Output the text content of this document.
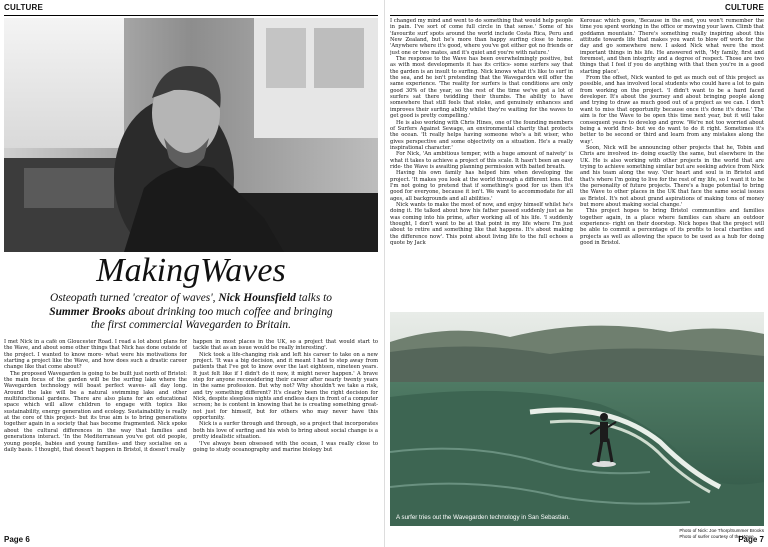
CULTURE	CULTURE
MakingWaves
Osteopath turned 'creator of waves', Nick Hounsfield talks to Summer Brooks about drinking too much coffee and bringing the first commercial Wavegarden to Britain.

I met Nick in a café on Gloucester Road. I read a lot about plans for the Wave, and about some other things that Nick has done outside of the project. I wanted to know more- what were his motivations for starting a project like the Wave, and how does such a drastic career change like that come about?

The proposed Wavegarden is going to be built just north of Bristol: the main focus of the garden will be the surfing lake where the Wavegarden technology will boast perfect waves- all day long. Around the lake will be a natural swimming lake and other multifunctional gardens. There are also plans for an educational space which will allow children to engage with topics like sustainability, energy generation and ecology. Sustainability is really at the core of this project- but its true aim is to bring generations together again in a society that has become fragmented. Nick spoke about the cultural differences in the way that families and generations interact. 'In the Mediterranean you've got old people, young people, babies and young families- and they socialise on a daily basis. I thought, that doesn't happen in Bristol, it doesn't really

happen in most places in the UK, so a project that would start to tackle that as an issue would be really interesting'.

Nick took a life-changing risk and left his career to take on a new project. 'It was a big decision, and it meant I had to step away from patients that I've got to know over the last eighteen, nineteen years. It just felt like if I didn't do it now, it might never happen.' A brave step for anyone reconsidering their career after nearly twenty years in the same profession. But why not? Why shouldn't we take a risk, and try something different? It's clearly been the right decision for Nick, despite sleepless nights and endless days in front of a computer screen; he is content in knowing that he is creating something great- not just for himself, but for others who may never have this opportunity.

Nick is a surfer through and through, so a project that incorporates both his love of surfing and his wish to bring about social change is a pretty idealistic situation.

'I've always been obsessed with the ocean, I was really close to going to study oceanography and marine biology but

I changed my mind and went to do something that would help people in pain. I've sort of come full circle in that sense.' Some of his 'favourite surf spots around the world include Costa Rica, Peru and New Zealand, but he's more than happy surfing close to home. 'Anywhere where it's good, where you've got either got no friends or just one or two mates, and it's quiet and you're with nature.'

The response to the Wave has been overwhelmingly positive, but as with most developments it has its critics- some surfers say that the garden is an insult to surfing. Nick knows what it's like to surf in the sea, and he isn't pretending that the Wavegarden will offer the same experience. 'The reality for surfers is that conditions are only good 30% of the year, so the rest of the time we've got a lot of surfers sat there twiddling their thumbs. The ability to have somewhere that still feels that stoke, and genuinely enhances and improves their surfing ability whilst they're waiting for the waves to get good is pretty compelling.'

He is also working with Chris Hines, one of the founding members of Surfers Against Sewage, an environmental charity that protects the ocean. 'It really helps having someone who's a bit wiser, who gives perspective and some objectivity on a situation. He's a really inspirational character.'

For Nick, 'An ambitious temper, with a huge amount of naivety' is what it takes to achieve a project of this scale. It hasn't been an easy ride- the Wave is awaiting planning permission with baited breath.

Having his own family has helped him when developing the project. 'It makes you look at the world through a different lens. But I'm not going to pretend that if something's good for us then it's good for everyone, because it isn't. We want to accommodate for all ages, all backgrounds and all abilities.'

Nick wants to make the most of now, and enjoy himself whilst he's doing it. He talked about how his father passed suddenly just as he was coming into his prime, after working all of his life. 'I suddenly thought, I don't want to be at that point in my life where I'm just about to retire and something like that happens. It's about making the difference now'. This point about living life to the full echoes a quote by Jack

Kerouac which goes, 'Because in the end, you won't remember the time you spent working in the office or mowing your lawn. Climb that goddamn mountain.' There's something really inspiring about this attitude towards life that makes you want to blow off work for the day and go somewhere new. I asked Nick what were the most important things in his life. He answered with, 'My family, first and foremost, and then integrity and a degree of respect. Those are two things that I feel if you do anything with that then you're in a good starting place'.

From the offset, Nick wanted to get as much out of this project as possible, and has involved local students who could have a lot to gain from working on the project. 'I didn't want to be a hard faced developer. It's about the journey and about bringing people along and trying to draw as much good out of a project as we can. I don't want to miss that opportunity because once it's done it's done.' The aim is for the Wave to be open this time next year, but it will take consequent years to develop and grow. 'We're not too worried about being a world first- but we do want to do it right. Sometimes it's better to be second or third and learn from any mistakes along the way'.

Soon, Nick will be announcing other projects that he, Tobin and Chris are involved in- doing exactly the same, but elsewhere in the UK. He is also working with other projects in the world that are trying to achieve something similar but are seeking advice from Nick and his team along the way. 'Our heart and soul is in Bristol and that's where I'm going to live for the rest of my life, so I want it to be the personality of future projects. There's a huge potential to bring the Wave to other places in the UK that face the same social issues as Bristol. It's not about grand aspirations of making tons of money but more about making social change.'

This project hopes to bring Bristol communities and families together again, in a place where families can share an outdoor experience- right on their doorstep. Nick hopes that the project will be able to commit a percentage of its profits to local charities and projects as well as allowing the space to be used as a hub for doing good in Bristol.

A surfer tries out the Wavegarden technology in San Sebastian.
Photo of Nick: Joe Thorp/Summer Brooks
Photo of surfer courtesy of the Wave
Page 6	Page 7
